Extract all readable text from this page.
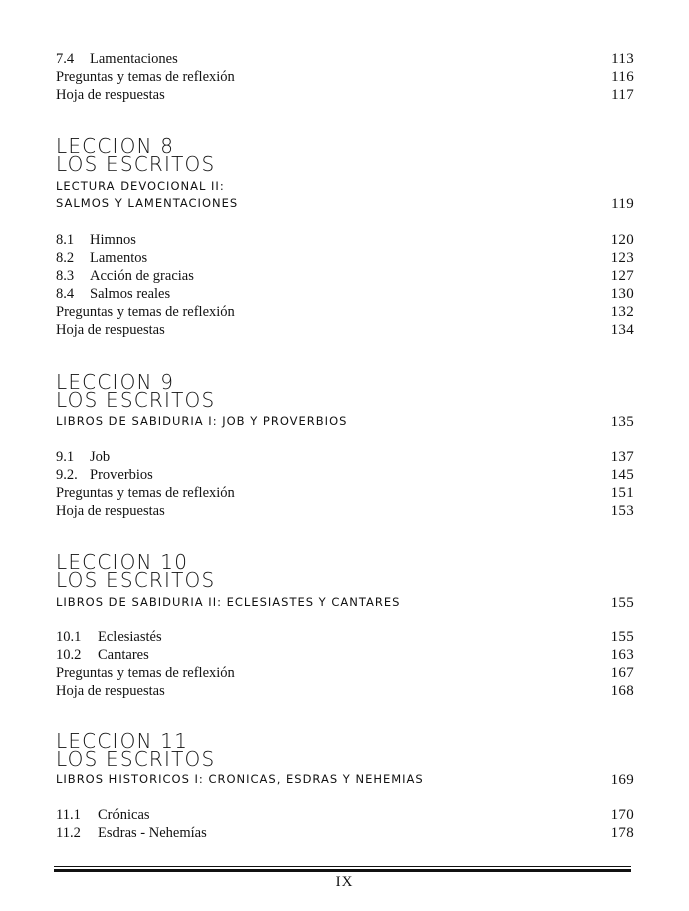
7.4 Lamentaciones	113
Preguntas y temas de reflexión	116
Hoja de respuestas	117
LECCION 8
LOS ESCRITOS
LECTURA DEVOCIONAL II:
SALMOS Y LAMENTACIONES	119
8.1 Himnos	120
8.2 Lamentos	123
8.3 Acción de gracias	127
8.4 Salmos reales	130
Preguntas y temas de reflexión	132
Hoja de respuestas	134
LECCION 9
LOS ESCRITOS
LIBROS DE SABIDURIA I: JOB Y PROVERBIOS	135
9.1 Job	137
9.2. Proverbios	145
Preguntas y temas de reflexión	151
Hoja de respuestas	153
LECCION 10
LOS ESCRITOS
LIBROS DE SABIDURIA II: ECLESIASTES Y CANTARES	155
10.1 Eclesiastés	155
10.2 Cantares	163
Preguntas y temas de reflexión	167
Hoja de respuestas	168
LECCION 11
LOS ESCRITOS
LIBROS HISTORICOS I: CRONICAS, ESDRAS Y NEHEMIAS	169
11.1 Crónicas	170
11.2 Esdras - Nehemías	178
IX
